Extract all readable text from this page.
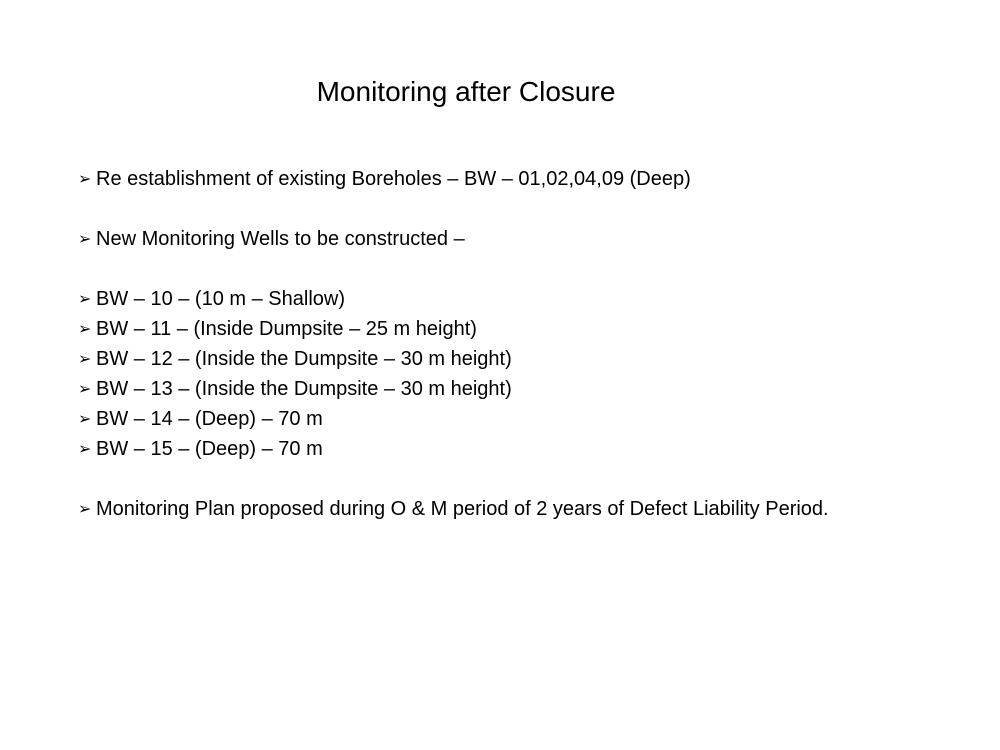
Monitoring after Closure
➢ Re establishment of existing Boreholes – BW – 01,02,04,09 (Deep)
➢ New Monitoring Wells to be constructed –
➢ BW – 10 – (10 m – Shallow)
➢ BW – 11 – (Inside Dumpsite – 25 m height)
➢ BW – 12 – (Inside the Dumpsite – 30 m height)
➢ BW – 13 – (Inside the Dumpsite – 30 m height)
➢ BW – 14 – (Deep) – 70 m
➢ BW – 15 – (Deep) – 70 m
➢ Monitoring Plan proposed during O & M period of 2 years of Defect Liability Period.
